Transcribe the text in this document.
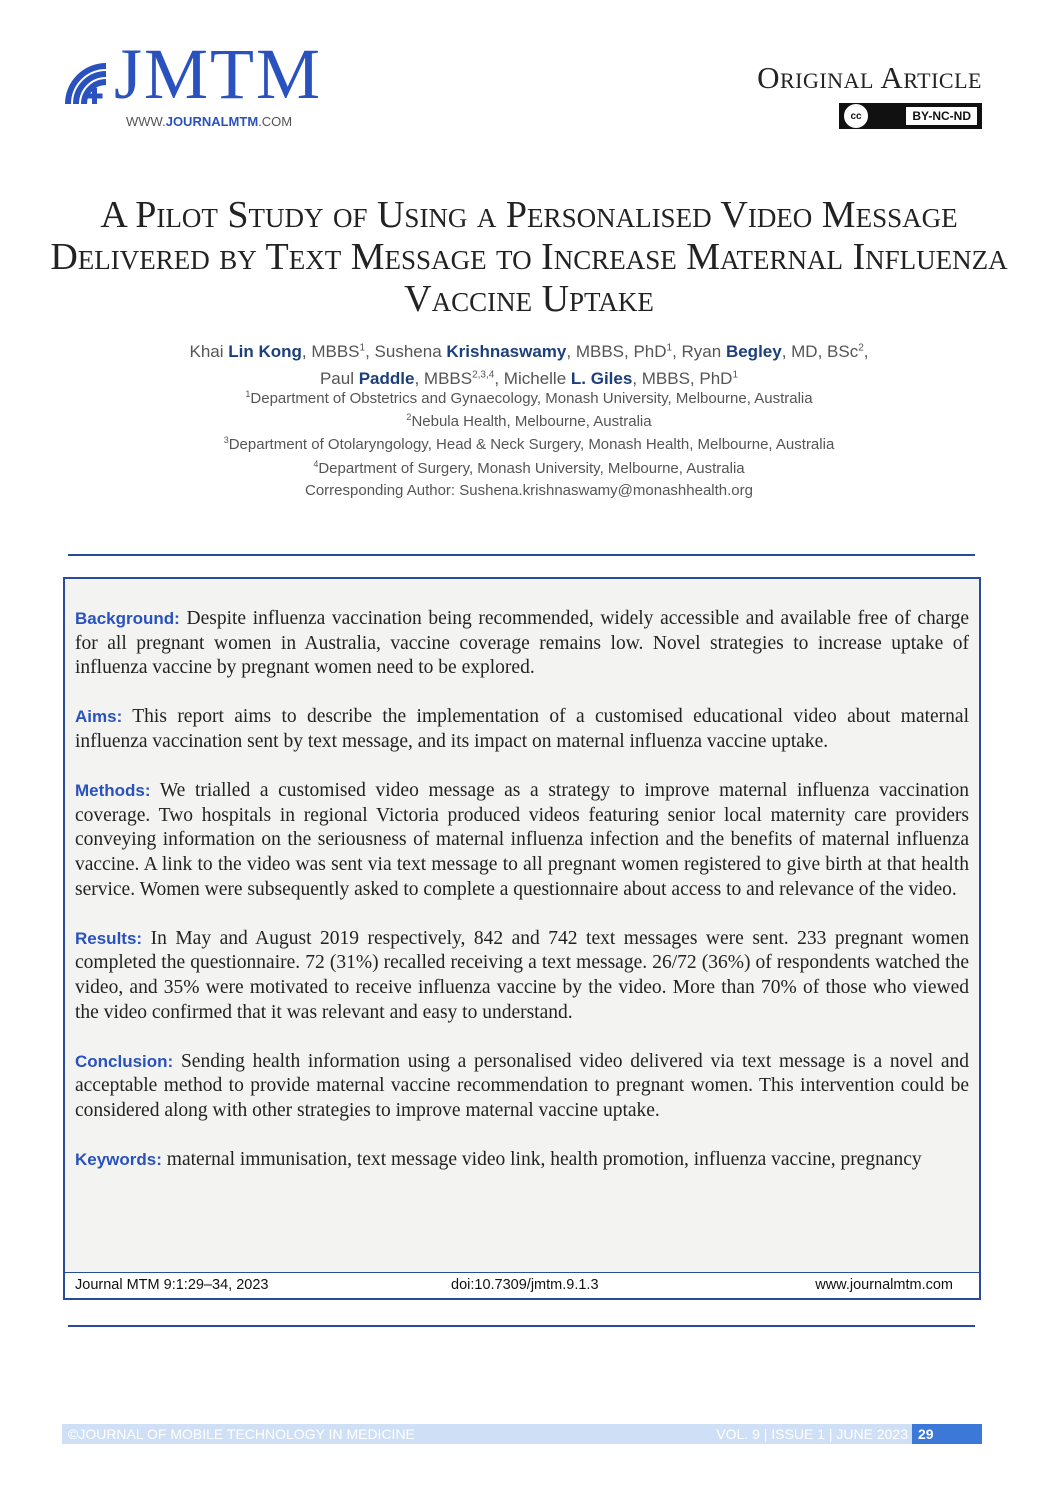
JMTM
WWW.JOURNALMTM.COM
Original Article
cc	BY-NC-ND
A Pilot Study of Using a Personalised Video Message Delivered by Text Message to Increase Maternal Influenza Vaccine Uptake
Khai Lin Kong, MBBS$^1$, Sushena Krishnaswamy, MBBS, PhD$^1$, Ryan Begley, MD, BSc$^2$,
Paul Paddle, MBBS$^{2,3,4}$, Michelle L. Giles, MBBS, PhD$^1$
$^1$Department of Obstetrics and Gynaecology, Monash University, Melbourne, Australia
$^2$Nebula Health, Melbourne, Australia
$^3$Department of Otolaryngology, Head & Neck Surgery, Monash Health, Melbourne, Australia
$^4$Department of Surgery, Monash University, Melbourne, Australia
Corresponding Author: Sushena.krishnaswamy@monashhealth.org

Background: Despite influenza vaccination being recommended, widely accessible and available free of charge for all pregnant women in Australia, vaccine coverage remains low. Novel strategies to increase uptake of influenza vaccine by pregnant women need to be explored.

Aims: This report aims to describe the implementation of a customised educational video about maternal influenza vaccination sent by text message, and its impact on maternal influenza vaccine uptake.

Methods: We trialled a customised video message as a strategy to improve maternal influenza vaccination coverage. Two hospitals in regional Victoria produced videos featuring senior local maternity care providers conveying information on the seriousness of maternal influenza infection and the benefits of maternal influenza vaccine. A link to the video was sent via text message to all pregnant women registered to give birth at that health service. Women were subsequently asked to complete a questionnaire about access to and relevance of the video.

Results: In May and August 2019 respectively, 842 and 742 text messages were sent. 233 pregnant women completed the questionnaire. 72 (31%) recalled receiving a text message. 26/72 (36%) of respondents watched the video, and 35% were motivated to receive influenza vaccine by the video. More than 70% of those who viewed the video confirmed that it was relevant and easy to understand.

Conclusion: Sending health information using a personalised video delivered via text message is a novel and acceptable method to provide maternal vaccine recommendation to pregnant women. This intervention could be considered along with other strategies to improve maternal vaccine uptake.

Keywords: maternal immunisation, text message video link, health promotion, influenza vaccine, pregnancy

Journal MTM 9:1:29–34, 2023	doi:10.7309/jmtm.9.1.3	www.journalmtm.com
©JOURNAL OF MOBILE TECHNOLOGY IN MEDICINE	VOL. 9 | ISSUE 1 | JUNE 2023 29
